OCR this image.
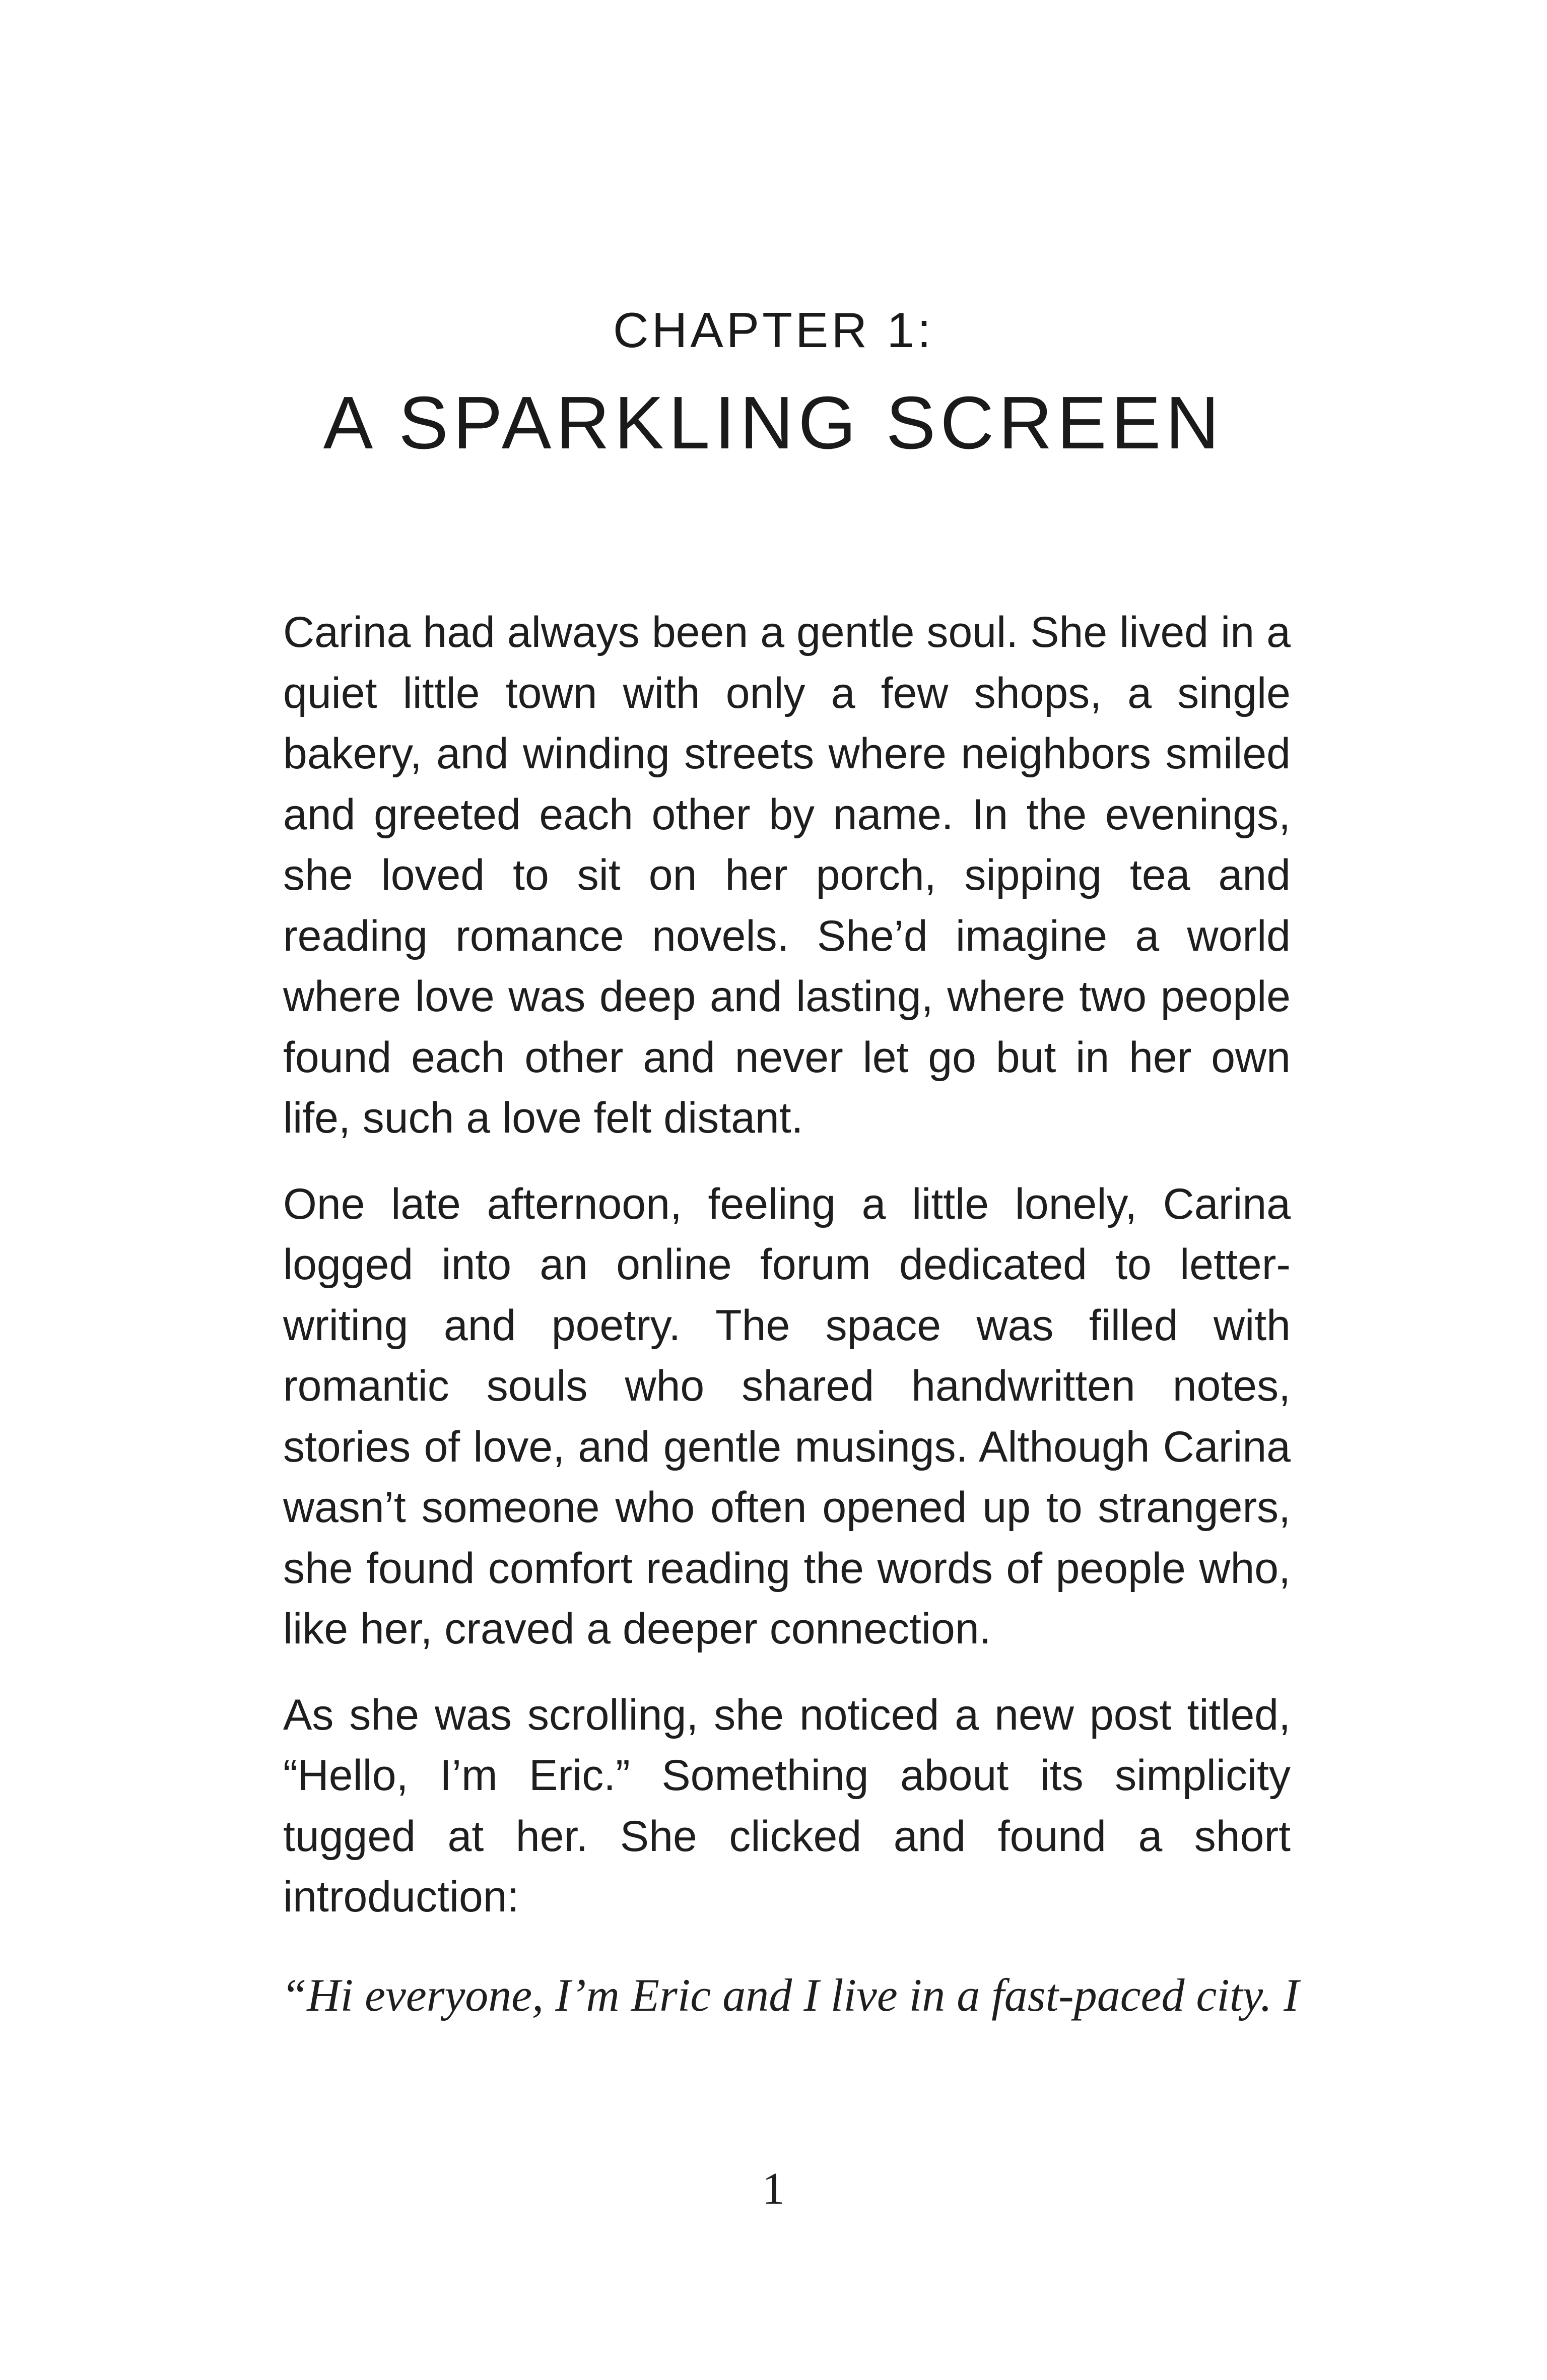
CHAPTER 1:
A SPARKLING SCREEN

Carina had always been a gentle soul. She lived in a quiet little town with only a few shops, a single bakery, and winding streets where neighbors smiled and greeted each other by name. In the evenings, she loved to sit on her porch, sipping tea and reading romance novels. She’d imagine a world where love was deep and lasting, where two people found each other and never let go but in her own life, such a love felt distant.

One late afternoon, feeling a little lonely, Carina logged into an online forum dedicated to letter-writing and poetry. The space was filled with romantic souls who shared handwritten notes, stories of love, and gentle musings. Although Carina wasn’t someone who often opened up to strangers, she found comfort reading the words of people who, like her, craved a deeper connection.

As she was scrolling, she noticed a new post titled, “Hello, I’m Eric.” Something about its simplicity tugged at her. She clicked and found a short introduction:

“Hi everyone, I’m Eric and I live in a fast-paced city. I
1
